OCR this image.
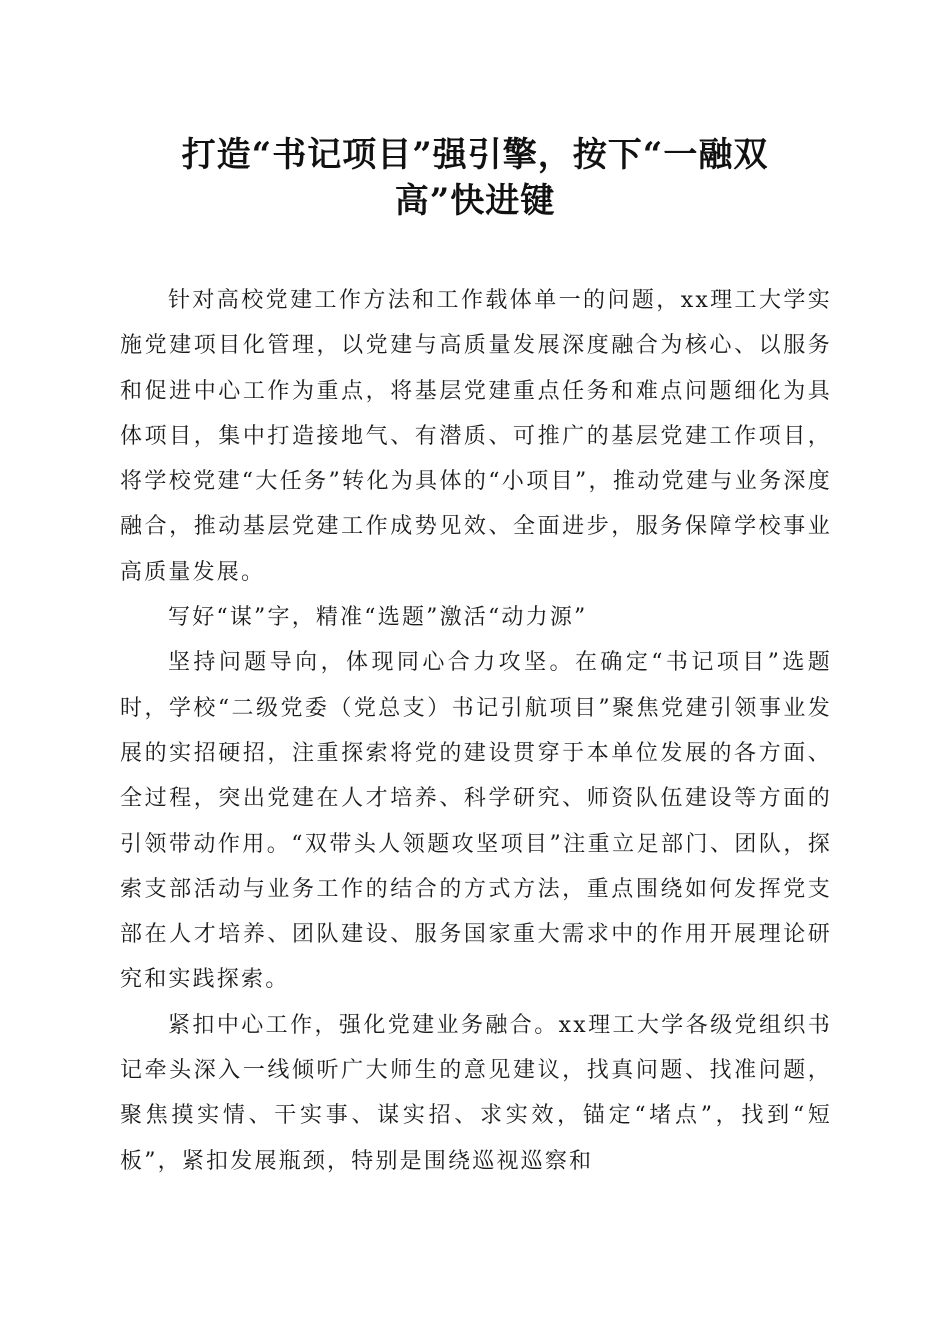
打造“书记项目”强引擎，按下“一融双
高”快进键

针对高校党建工作方法和工作载体单一的问题，xx理工大学实施党建项目化管理，以党建与高质量发展深度融合为核心、以服务和促进中心工作为重点，将基层党建重点任务和难点问题细化为具体项目，集中打造接地气、有潜质、可推广的基层党建工作项目，将学校党建“大任务”转化为具体的“小项目”，推动党建与业务深度融合，推动基层党建工作成势见效、全面进步，服务保障学校事业高质量发展。

写好“谋”字，精准“选题”激活“动力源”

坚持问题导向，体现同心合力攻坚。在确定“书记项目”选题时，学校“二级党委（党总支）书记引航项目”聚焦党建引领事业发展的实招硬招，注重探索将党的建设贯穿于本单位发展的各方面、全过程，突出党建在人才培养、科学研究、师资队伍建设等方面的引领带动作用。“双带头人领题攻坚项目”注重立足部门、团队，探索支部活动与业务工作的结合的方式方法，重点围绕如何发挥党支部在人才培养、团队建设、服务国家重大需求中的作用开展理论研究和实践探索。

紧扣中心工作，强化党建业务融合。xx理工大学各级党组织书记牵头深入一线倾听广大师生的意见建议，找真问题、找准问题，聚焦摸实情、干实事、谋实招、求实效，锚定“堵点”，找到“短板”，紧扣发展瓶颈，特别是围绕巡视巡察和
